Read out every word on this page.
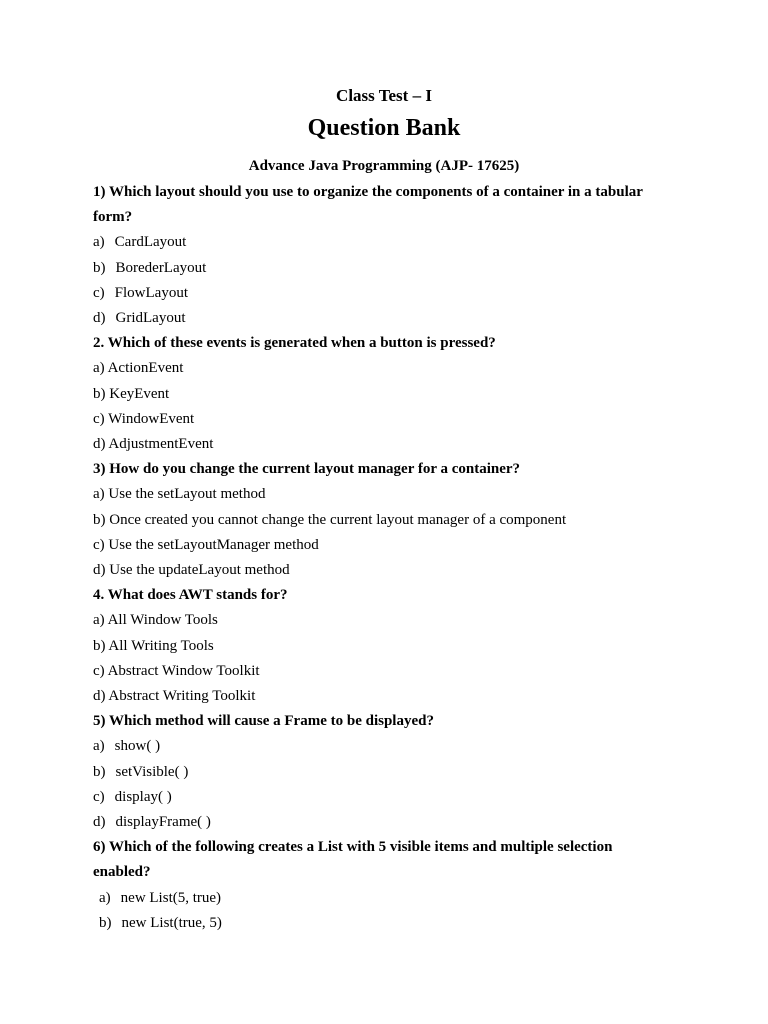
Class Test – I
Question Bank
Advance Java Programming (AJP- 17625)
1) Which layout should you use to organize the components of a container in a tabular
form?
a) CardLayout
b) BorederLayout
c) FlowLayout
d) GridLayout
2. Which of these events is generated when a button is pressed?
a) ActionEvent
b) KeyEvent
c) WindowEvent
d) AdjustmentEvent
3) How do you change the current layout manager for a container?
a) Use the setLayout method
b) Once created you cannot change the current layout manager of a component
c) Use the setLayoutManager method
d) Use the updateLayout method
4. What does AWT stands for?
a) All Window Tools
b) All Writing Tools
c) Abstract Window Toolkit
d) Abstract Writing Toolkit
5) Which method will cause a Frame to be displayed?
a) show( )
b) setVisible( )
c) display( )
d) displayFrame( )
6) Which of the following creates a List with 5 visible items and multiple selection
enabled?
a) new List(5, true)
b) new List(true, 5)
